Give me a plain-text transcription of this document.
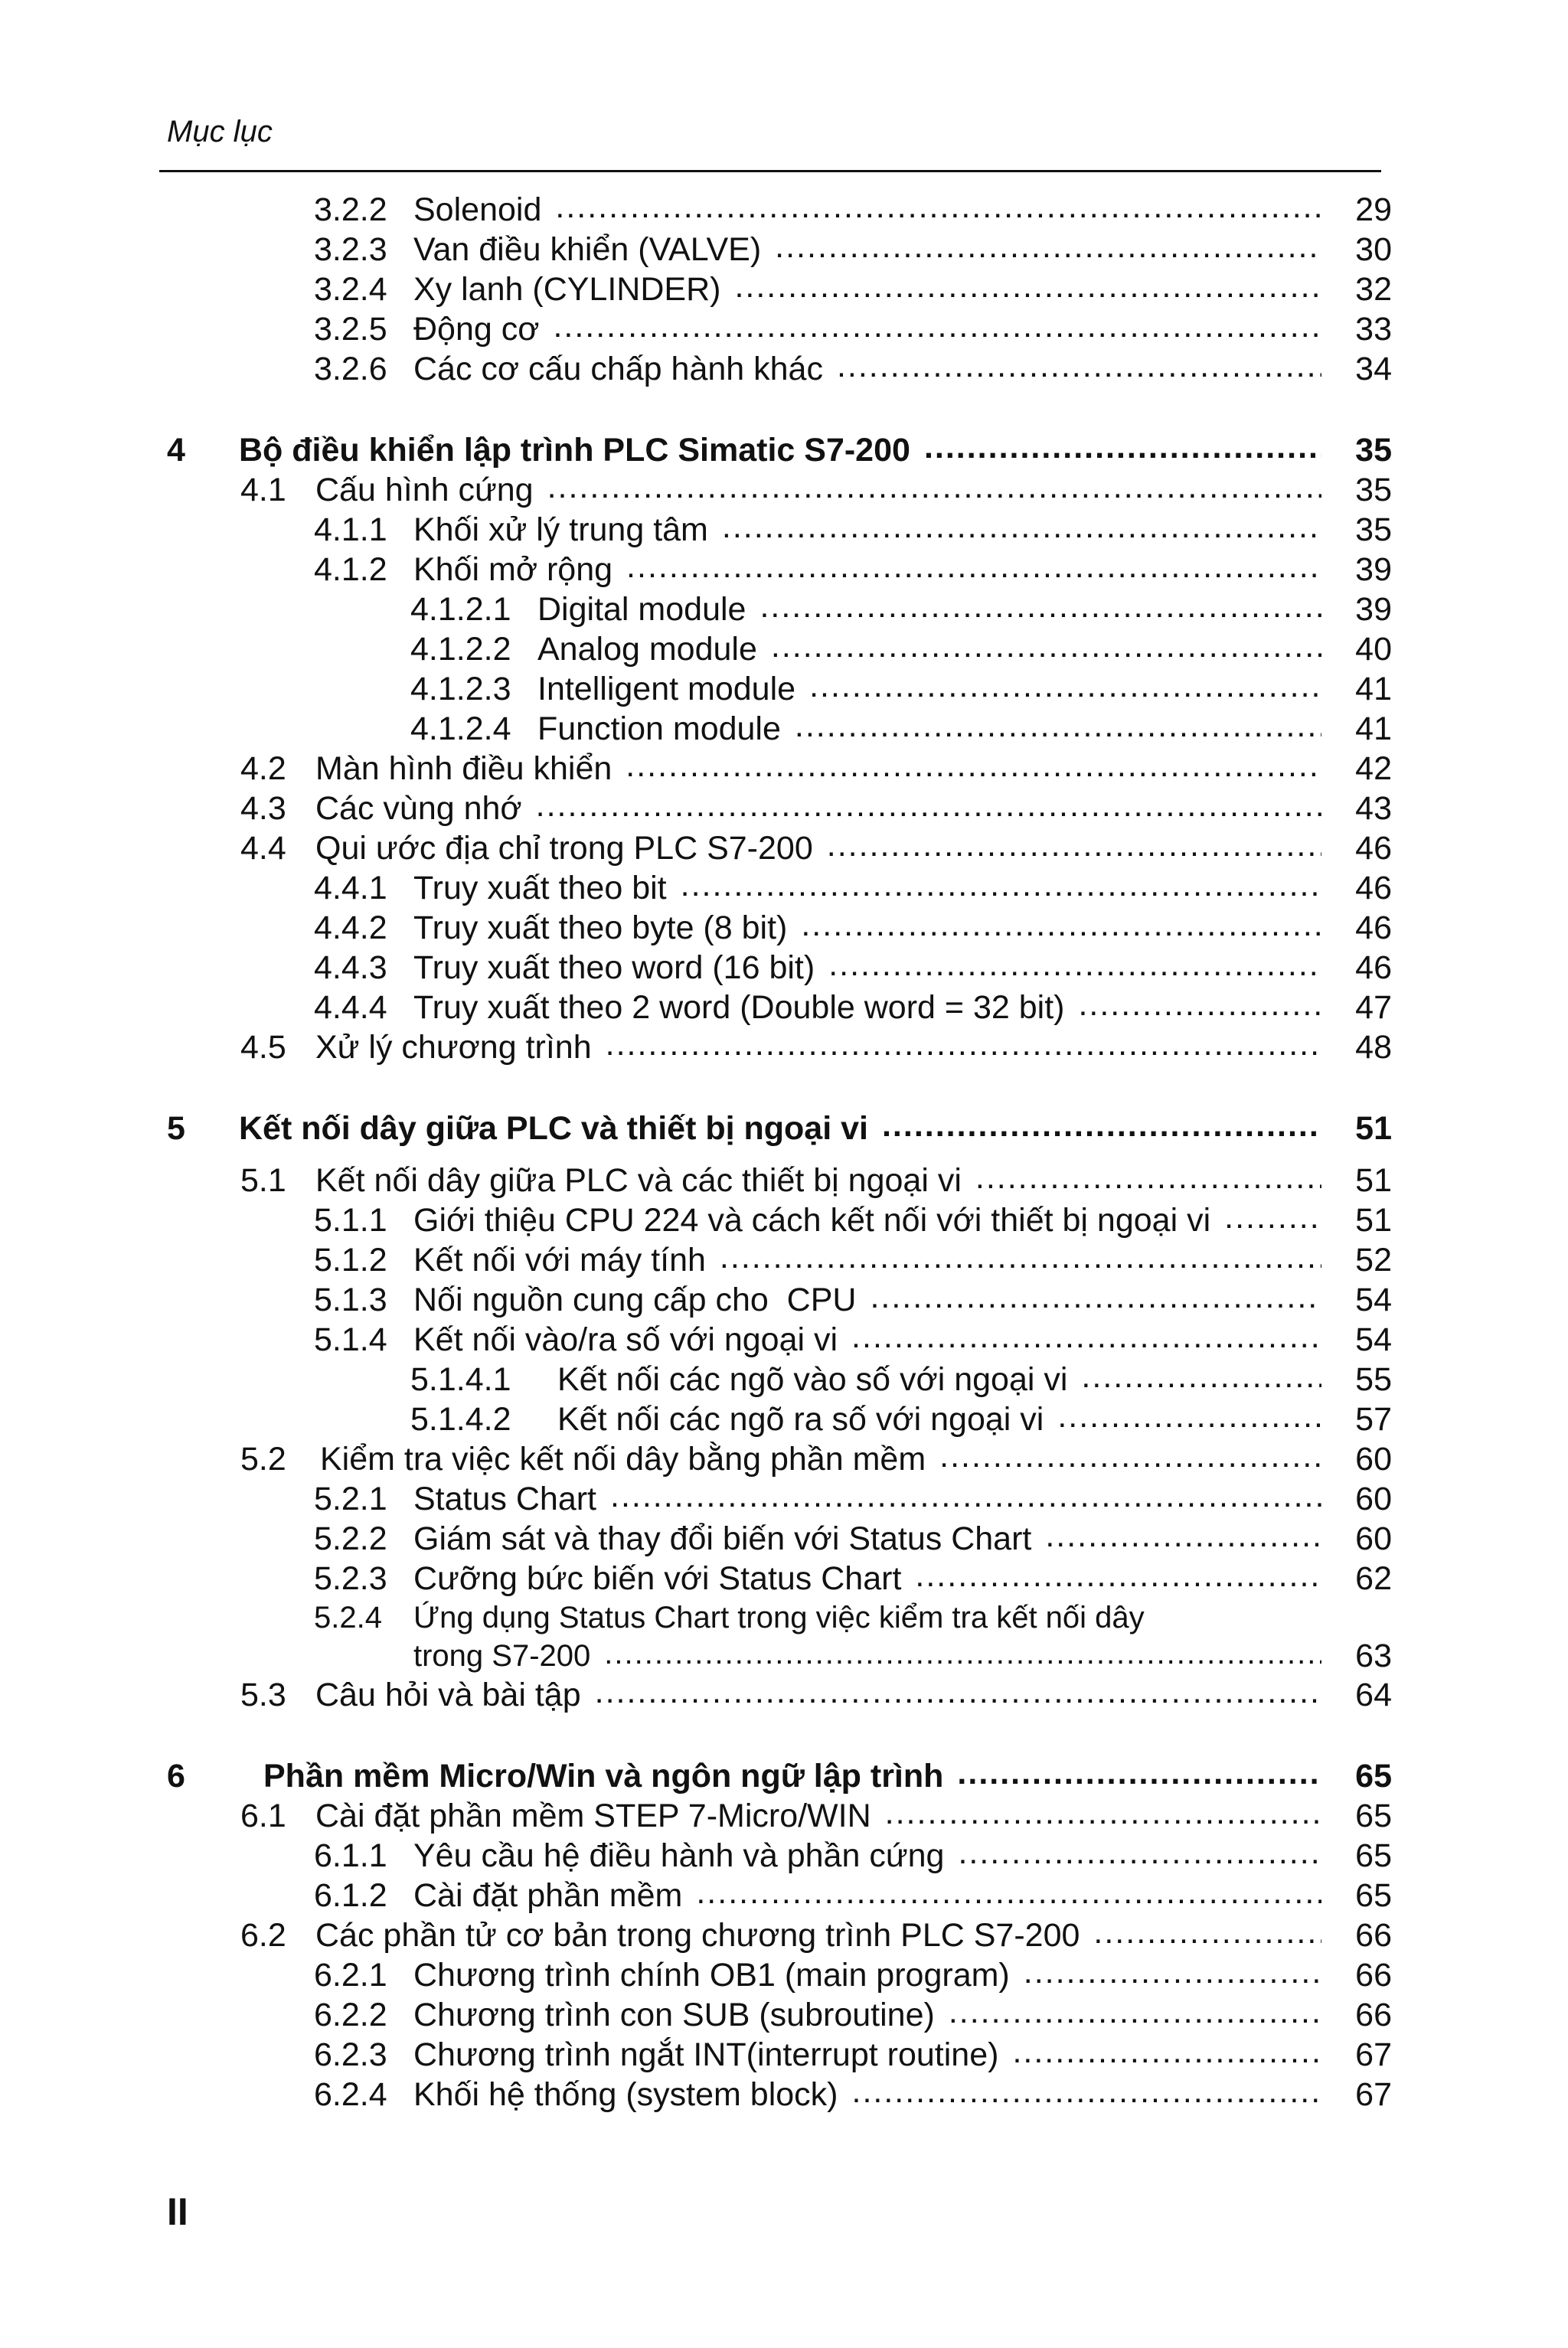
Mục lục
3.2.2 Solenoid .....	29
3.2.3 Van điều khiển (VALVE) .....	30
3.2.4 Xy lanh (CYLINDER) .....	32
3.2.5 Động cơ .....	33
3.2.6 Các cơ cấu chấp hành khác .....	34
4 Bộ điều khiển lập trình PLC Simatic S7-200 .....	35
4.1 Cấu hình cứng .....	35
4.1.1 Khối xử lý trung tâm .....	35
4.1.2 Khối mở rộng .....	39
4.1.2.1 Digital module .....	39
4.1.2.2 Analog module .....	40
4.1.2.3 Intelligent module .....	41
4.1.2.4 Function module .....	41
4.2 Màn hình điều khiển .....	42
4.3 Các vùng nhớ .....	43
4.4 Qui ước địa chỉ trong PLC S7-200 .....	46
4.4.1 Truy xuất theo bit .....	46
4.4.2 Truy xuất theo byte (8 bit) .....	46
4.4.3 Truy xuất theo word (16 bit) .....	46
4.4.4 Truy xuất theo 2 word (Double word = 32 bit) .....	47
4.5 Xử lý chương trình .....	48
5 Kết nối dây giữa PLC và thiết bị ngoại vi .....	51
5.1 Kết nối dây giữa PLC và các thiết bị ngoại vi .....	51
5.1.1 Giới thiệu CPU 224 và cách kết nối với thiết bị ngoại vi .....	51
5.1.2 Kết nối với máy tính .....	52
5.1.3 Nối nguồn cung cấp cho  CPU .....	54
5.1.4 Kết nối vào/ra số với ngoại vi .....	54
5.1.4.1	Kết nối các ngõ vào số với ngoại vi .....	55
5.1.4.2	Kết nối các ngõ ra số với ngoại vi .....	57
5.2	Kiểm tra việc kết nối dây bằng phần mềm .....	60
5.2.1 Status Chart .....	60
5.2.2 Giám sát và thay đổi biến với Status Chart .....	60
5.2.3 Cưỡng bức biến với Status Chart .....	62
5.2.4	Ứng dụng Status Chart trong việc kiểm tra kết nối dây
trong S7-200 .....	63
5.3 Câu hỏi và bài tập .....	64
6 Phần mềm Micro/Win và ngôn ngữ lập trình .....	65
6.1 Cài đặt phần mềm STEP 7-Micro/WIN .....	65
6.1.1 Yêu cầu hệ điều hành và phần cứng .....	65
6.1.2 Cài đặt phần mềm .....	65
6.2 Các phần tử cơ bản trong chương trình PLC S7-200 .....	66
6.2.1 Chương trình chính OB1 (main program) .....	66
6.2.2 Chương trình con SUB (subroutine) .....	66
6.2.3 Chương trình ngắt INT(interrupt routine) .....	67
6.2.4 Khối hệ thống (system block) .....	67
II
